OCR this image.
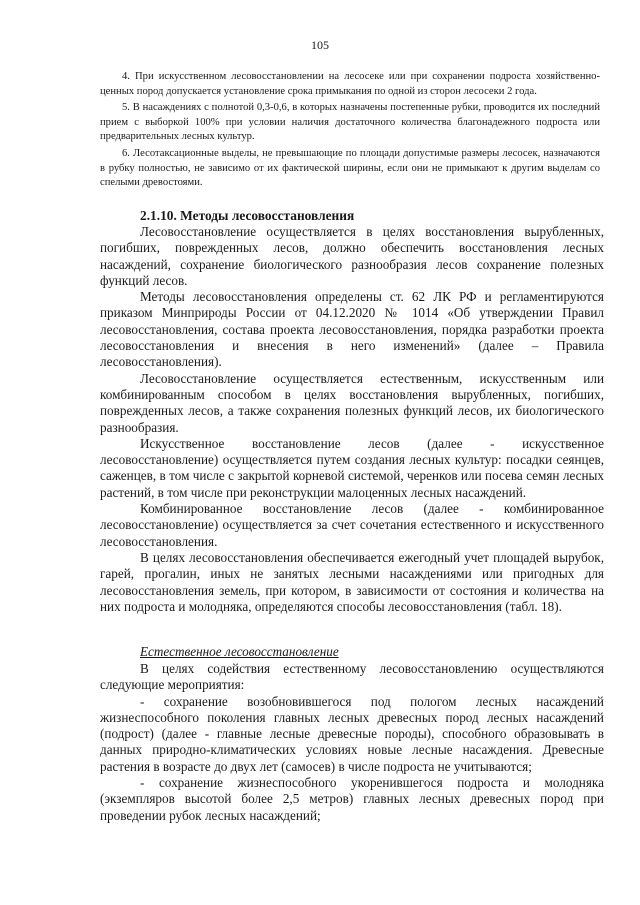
105

4. При искусственном лесовосстановлении на лесосеке или при сохранении подроста хозяйственно-ценных пород допускается установление срока примыкания по одной из сторон лесосеки 2 года.

5. В насаждениях с полнотой 0,3-0,6, в которых назначены постепенные рубки, проводится их последний прием с выборкой 100% при условии наличия достаточного количества благонадежного подроста или предварительных лесных культур.

6. Лесотаксационные выделы, не превышающие по площади допустимые размеры лесосек, назначаются в рубку полностью, не зависимо от их фактической ширины, если они не примыкают к другим выделам со спелыми древостоями.

2.1.10. Методы лесовосстановления

Лесовосстановление осуществляется в целях восстановления вырубленных, погибших, поврежденных лесов, должно обеспечить восстановления лесных насаждений, сохранение биологического разнообразия лесов сохранение полезных функций лесов.

Методы лесовосстановления определены ст. 62 ЛК РФ и регламентируются приказом Минприроды России от 04.12.2020 № 1014 «Об утверждении Правил лесовосстановления, состава проекта лесовосстановления, порядка разработки проекта лесовосстановления и внесения в него изменений» (далее – Правила лесовосстановления).

Лесовосстановление осуществляется естественным, искусственным или комбинированным способом в целях восстановления вырубленных, погибших, поврежденных лесов, а также сохранения полезных функций лесов, их биологического разнообразия.

Искусственное восстановление лесов (далее - искусственное лесовосстановление) осуществляется путем создания лесных культур: посадки сеянцев, саженцев, в том числе с закрытой корневой системой, черенков или посева семян лесных растений, в том числе при реконструкции малоценных лесных насаждений.

Комбинированное восстановление лесов (далее - комбинированное лесовосстановление) осуществляется за счет сочетания естественного и искусственного лесовосстановления.

В целях лесовосстановления обеспечивается ежегодный учет площадей вырубок, гарей, прогалин, иных не занятых лесными насаждениями или пригодных для лесовосстановления земель, при котором, в зависимости от состояния и количества на них подроста и молодняка, определяются способы лесовосстановления (табл. 18).

Естественное лесовосстановление

В целях содействия естественному лесовосстановлению осуществляются следующие мероприятия:

- сохранение возобновившегося под пологом лесных насаждений жизнеспособного поколения главных лесных древесных пород лесных насаждений (подрост) (далее - главные лесные древесные породы), способного образовывать в данных природно-климатических условиях новые лесные насаждения. Древесные растения в возрасте до двух лет (самосев) в числе подроста не учитываются;

- сохранение жизнеспособного укоренившегося подроста и молодняка (экземпляров высотой более 2,5 метров) главных лесных древесных пород при проведении рубок лесных насаждений;
